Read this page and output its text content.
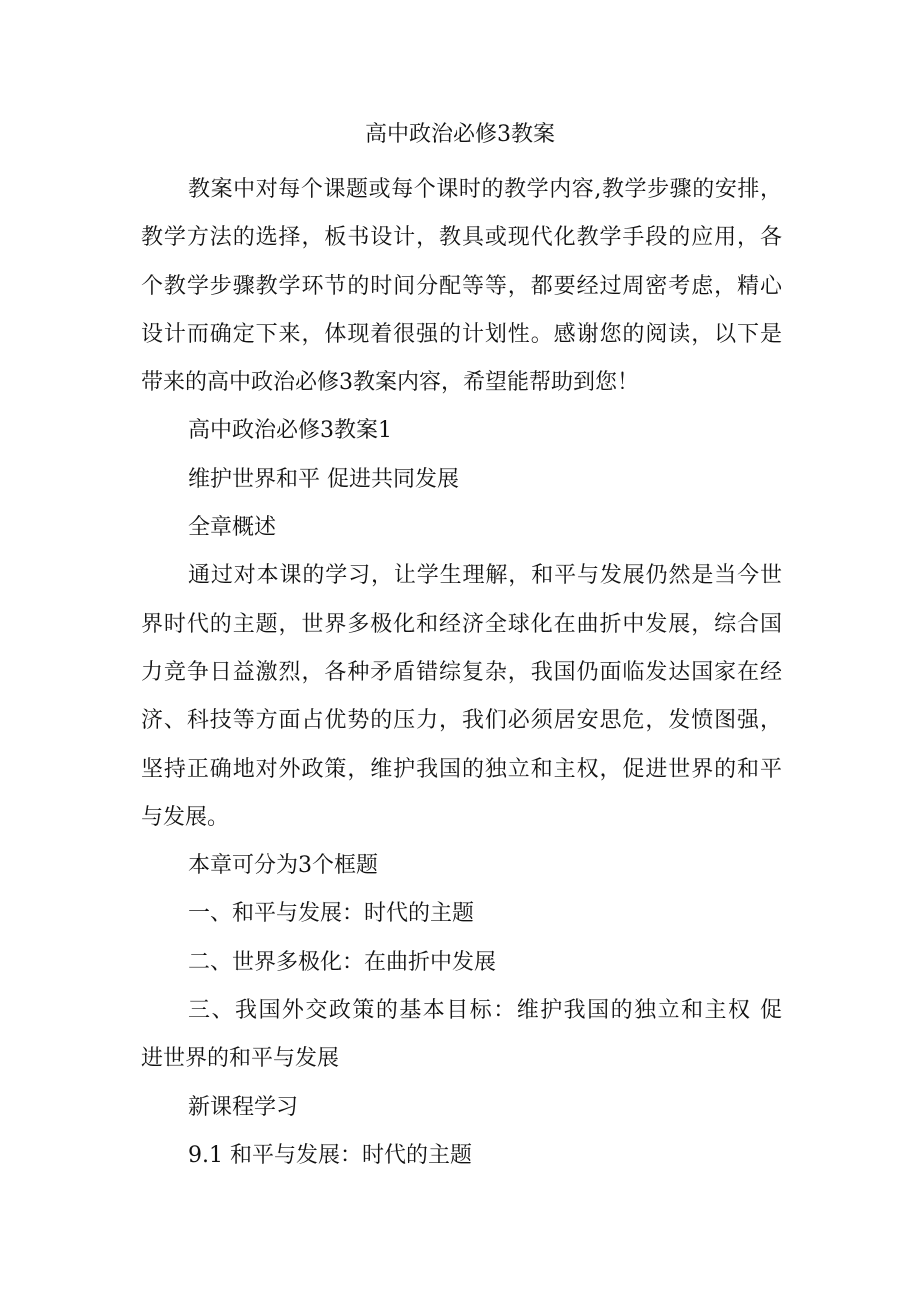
高中政治必修3教案
教案中对每个课题或每个课时的教学内容,教学步骤的安排，
教学方法的选择，板书设计，教具或现代化教学手段的应用，各
个教学步骤教学环节的时间分配等等，都要经过周密考虑，精心
设计而确定下来，体现着很强的计划性。感谢您的阅读，以下是
带来的高中政治必修3教案内容，希望能帮助到您！
高中政治必修3教案1
维护世界和平 促进共同发展
全章概述
通过对本课的学习，让学生理解，和平与发展仍然是当今世
界时代的主题，世界多极化和经济全球化在曲折中发展，综合国
力竞争日益激烈，各种矛盾错综复杂，我国仍面临发达国家在经
济、科技等方面占优势的压力，我们必须居安思危，发愤图强，
坚持正确地对外政策，维护我国的独立和主权，促进世界的和平
与发展。
本章可分为3个框题
一、和平与发展：时代的主题
二、世界多极化：在曲折中发展
三、我国外交政策的基本目标：维护我国的独立和主权 促
进世界的和平与发展
新课程学习
9.1 和平与发展：时代的主题
